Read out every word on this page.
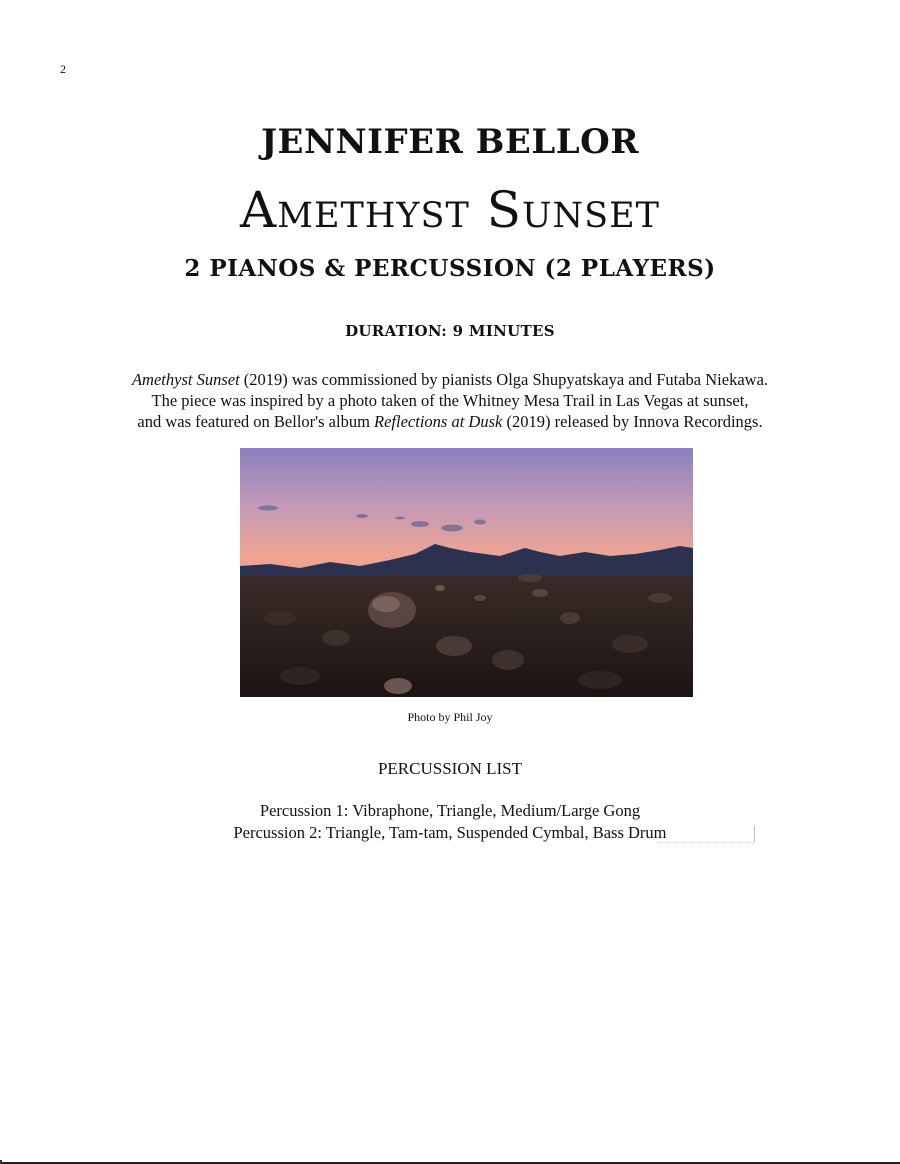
2
JENNIFER BELLOR
Amethyst Sunset
2 PIANOS & PERCUSSION (2 PLAYERS)
DURATION: 9 MINUTES

Amethyst Sunset (2019) was commissioned by pianists Olga Shupyatskaya and Futaba Niekawa.

The piece was inspired by a photo taken of the Whitney Mesa Trail in Las Vegas at sunset,

and was featured on Bellor's album Reflections at Dusk (2019) released by Innova Recordings.

Photo by Phil Joy
PERCUSSION LIST
Percussion 1: Vibraphone, Triangle, Medium/Large Gong
Percussion 2: Triangle, Tam-tam, Suspended Cymbal, Bass Drum
